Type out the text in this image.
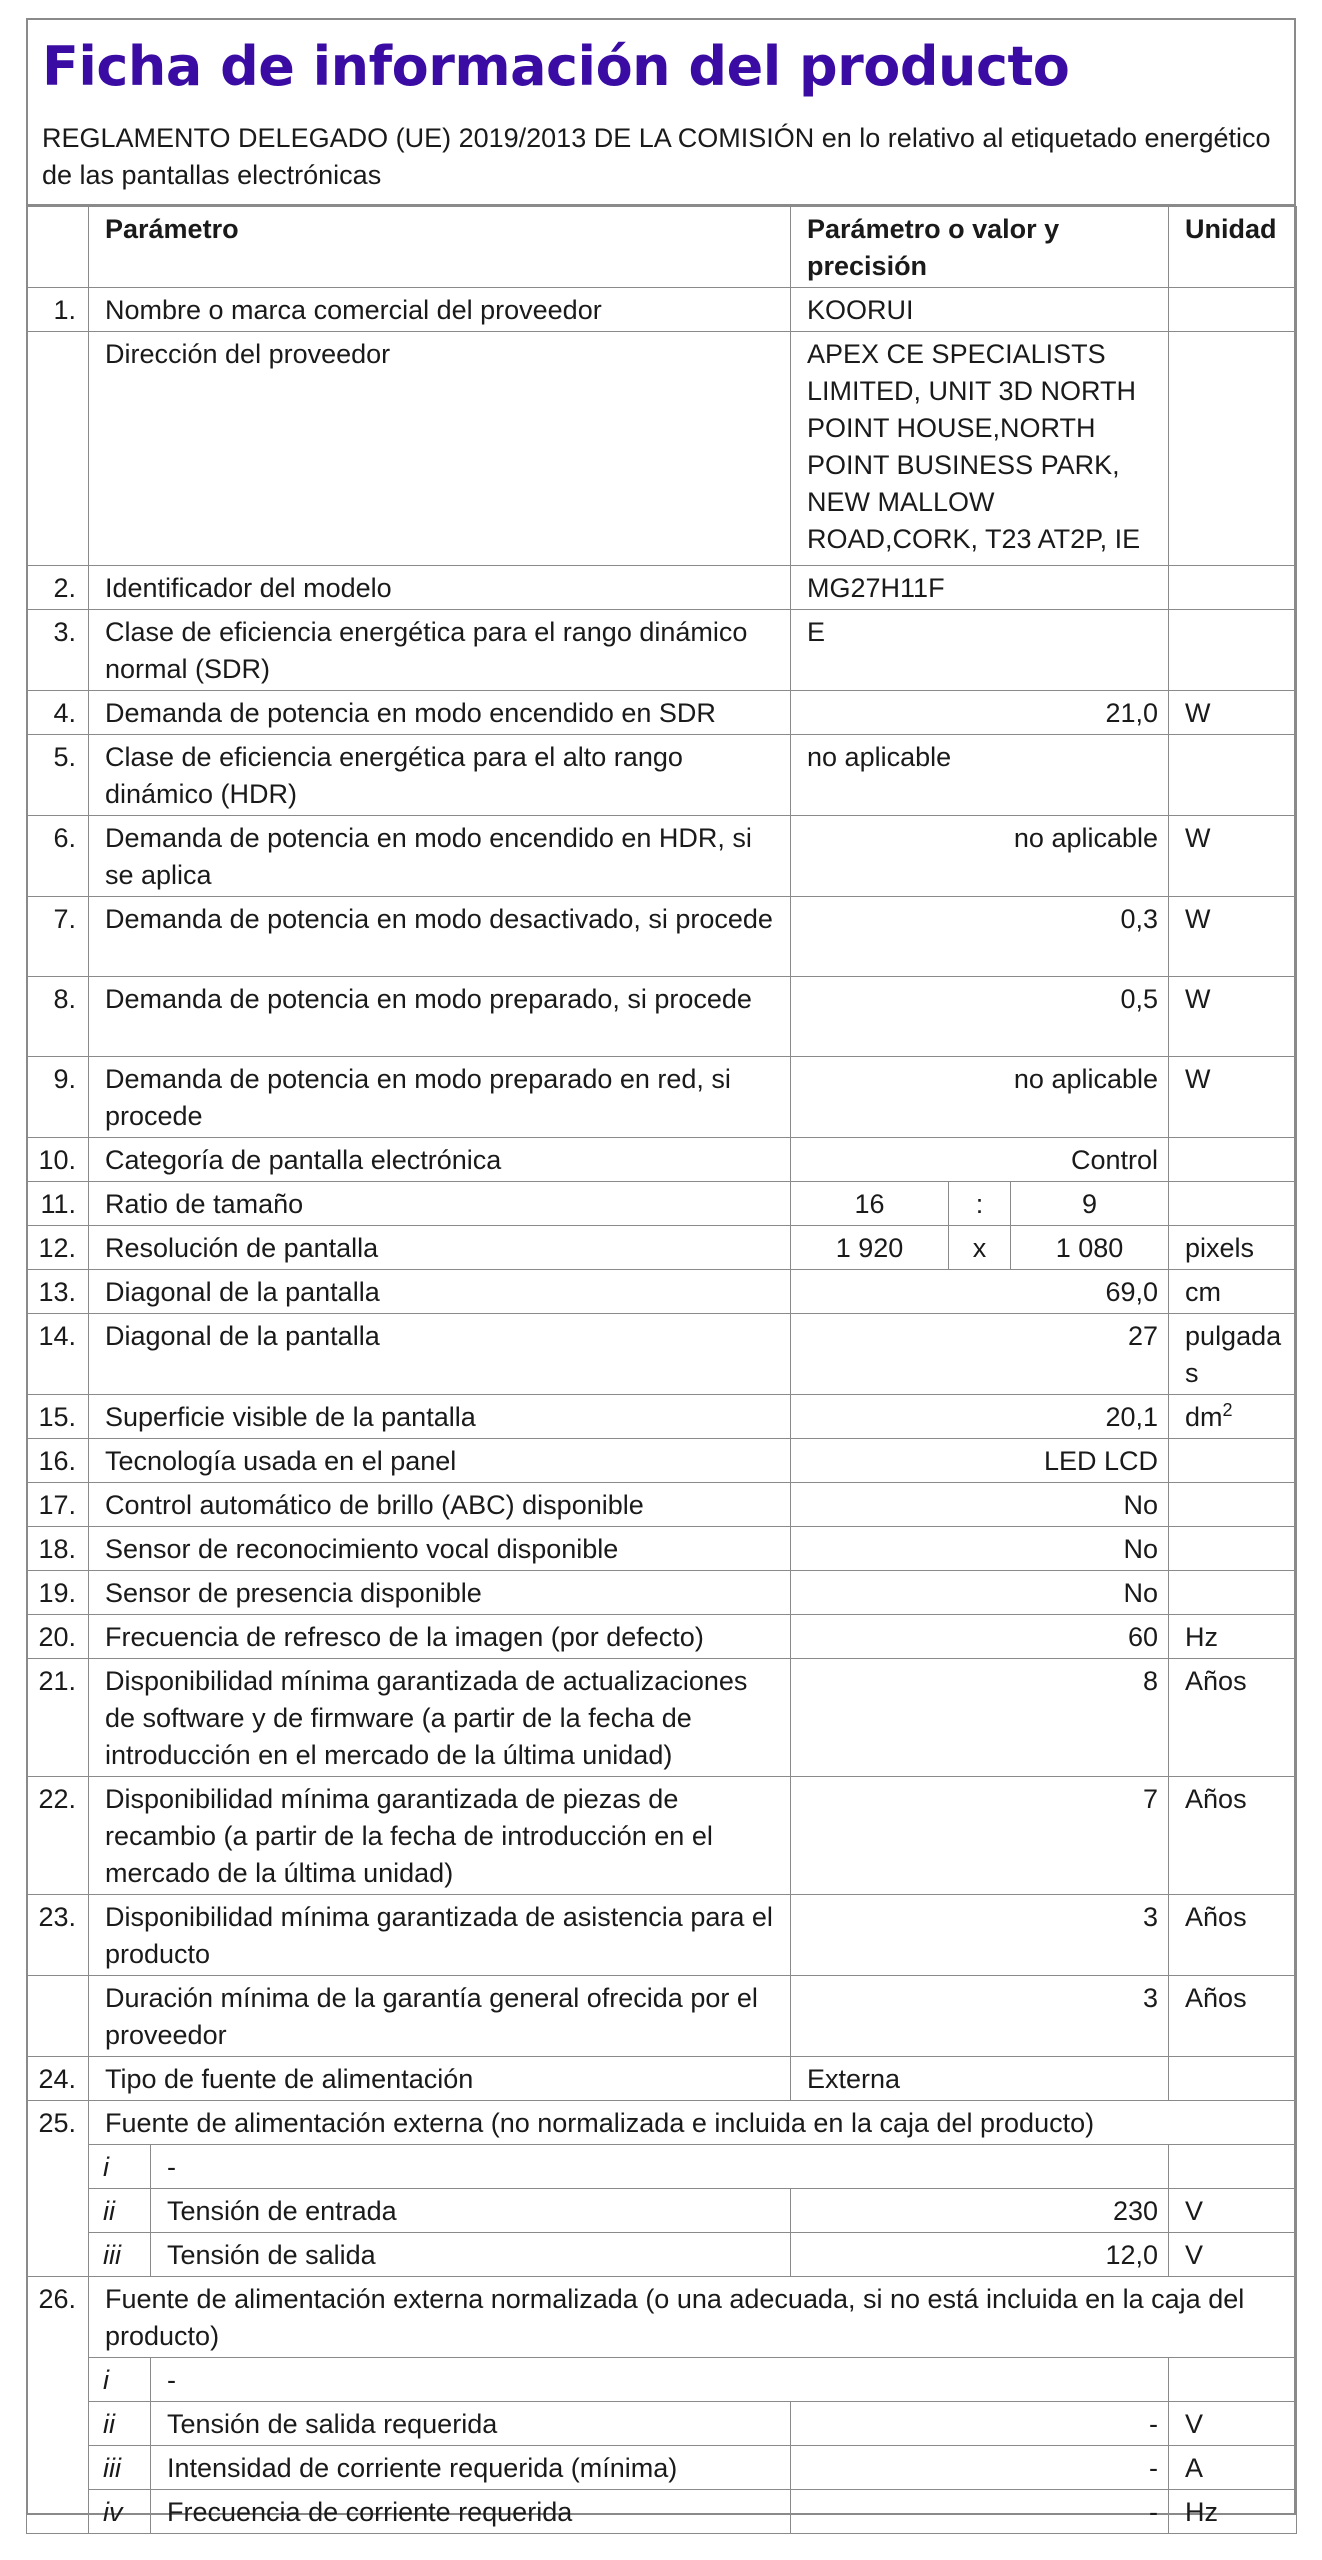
Ficha de información del producto
REGLAMENTO DELEGADO (UE) 2019/2013 DE LA COMISIÓN en lo relativo al etiquetado energético de las pantallas electrónicas
	Parámetro		Parámetro o valor y precisión			Unidad
1.	Nombre o marca comercial del proveedor		KOORUI			
	Dirección del proveedor		APEX CE SPECIALISTS LIMITED, UNIT 3D NORTH POINT HOUSE,NORTH POINT BUSINESS PARK, NEW MALLOW ROAD,CORK, T23 AT2P, IE			
2.	Identificador del modelo		MG27H11F			
3.	Clase de eficiencia energética para el rango dinámico normal (SDR)		E			
4.	Demanda de potencia en modo encendido en SDR		21,0			W
5.	Clase de eficiencia energética para el alto rango dinámico (HDR)		no aplicable			
6.	Demanda de potencia en modo encendido en HDR, si se aplica		no aplicable			W
7.	Demanda de potencia en modo desactivado, si procede		0,3			W
8.	Demanda de potencia en modo preparado, si procede		0,5			W
9.	Demanda de potencia en modo preparado en red, si procede		no aplicable			W
10.	Categoría de pantalla electrónica		Control			
11.	Ratio de tamaño		16	:	9	
12.	Resolución de pantalla		1 920	x	1 080	pixels
13.	Diagonal de la pantalla		69,0			cm
14.	Diagonal de la pantalla		27			pulgadas
15.	Superficie visible de la pantalla		20,1			$dm^2$
16.	Tecnología usada en el panel		LED LCD			
17.	Control automático de brillo (ABC) disponible		No			
18.	Sensor de reconocimiento vocal disponible		No			
19.	Sensor de presencia disponible		No			
20.	Frecuencia de refresco de la imagen (por defecto)		60			Hz
21.	Disponibilidad mínima garantizada de actualizaciones de software y de firmware (a partir de la fecha de introducción en el mercado de la última unidad)		8			Años
22.	Disponibilidad mínima garantizada de piezas de recambio (a partir de la fecha de introducción en el mercado de la última unidad)		7			Años
23.	Disponibilidad mínima garantizada de asistencia para el producto		3			Años
	Duración mínima de la garantía general ofrecida por el proveedor		3			Años
24.	Tipo de fuente de alimentación		Externa			
25.	Fuente de alimentación externa (no normalizada e incluida en la caja del producto)					
	i	-				
	ii	Tensión de entrada	230			V
	iii	Tensión de salida	12,0			V
26.	Fuente de alimentación externa normalizada (o una adecuada, si no está incluida en la caja del producto)					
	i	-				
	ii	Tensión de salida requerida	-			V
	iii	Intensidad de corriente requerida (mínima)	-			A
	iv	Frecuencia de corriente requerida	-			Hz
